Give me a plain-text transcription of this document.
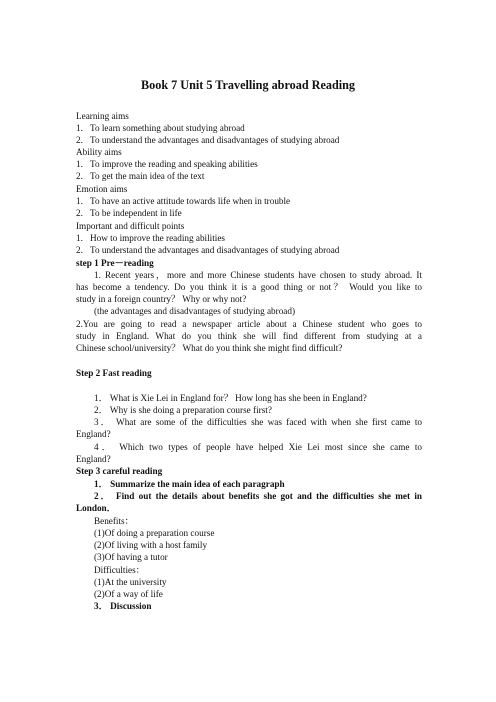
Book 7 Unit 5 Travelling abroad Reading
Learning aims
1. To learn something about studying abroad
2. To understand the advantages and disadvantages of studying abroad
Ability aims
1. To improve the reading and speaking abilities
2. To get the main idea of the text
Emotion aims
1. To have an active attitude towards life when in trouble
2. To be independent in life
Important and difficult points
1. How to improve the reading abilities
2. To understand the advantages and disadvantages of studying abroad
step 1 Pre－reading
1. Recent years，more and more Chinese students have chosen to study abroad. It
has become a tendency. Do you think it is a good thing or not？ Would you like to
study in a foreign country？ Why or why not?
(the advantages and disadvantages of studying abroad)
2.You are going to read a newspaper article about a Chinese student who goes to
study in England. What do you think she will find different from studying at a
Chinese school/university？ What do you think she might find difficult?
Step 2 Fast reading
1． What is Xie Lei in England for？ How long has she been in England?
2． Why is she doing a preparation course first?
3． What are some of the difficulties she was faced with when she first came to
England?
4． Which two types of people have helped Xie Lei most since she came to
England?
Step 3 careful reading
1． Summarize the main idea of each paragraph
2． Find out the details about benefits she got and the difficulties she met in
London．
Benefits：
(1)Of doing a preparation course
(2)Of living with a host family
(3)Of having a tutor
Difficulties：
(1)At the university
(2)Of a way of life
3． Discussion
